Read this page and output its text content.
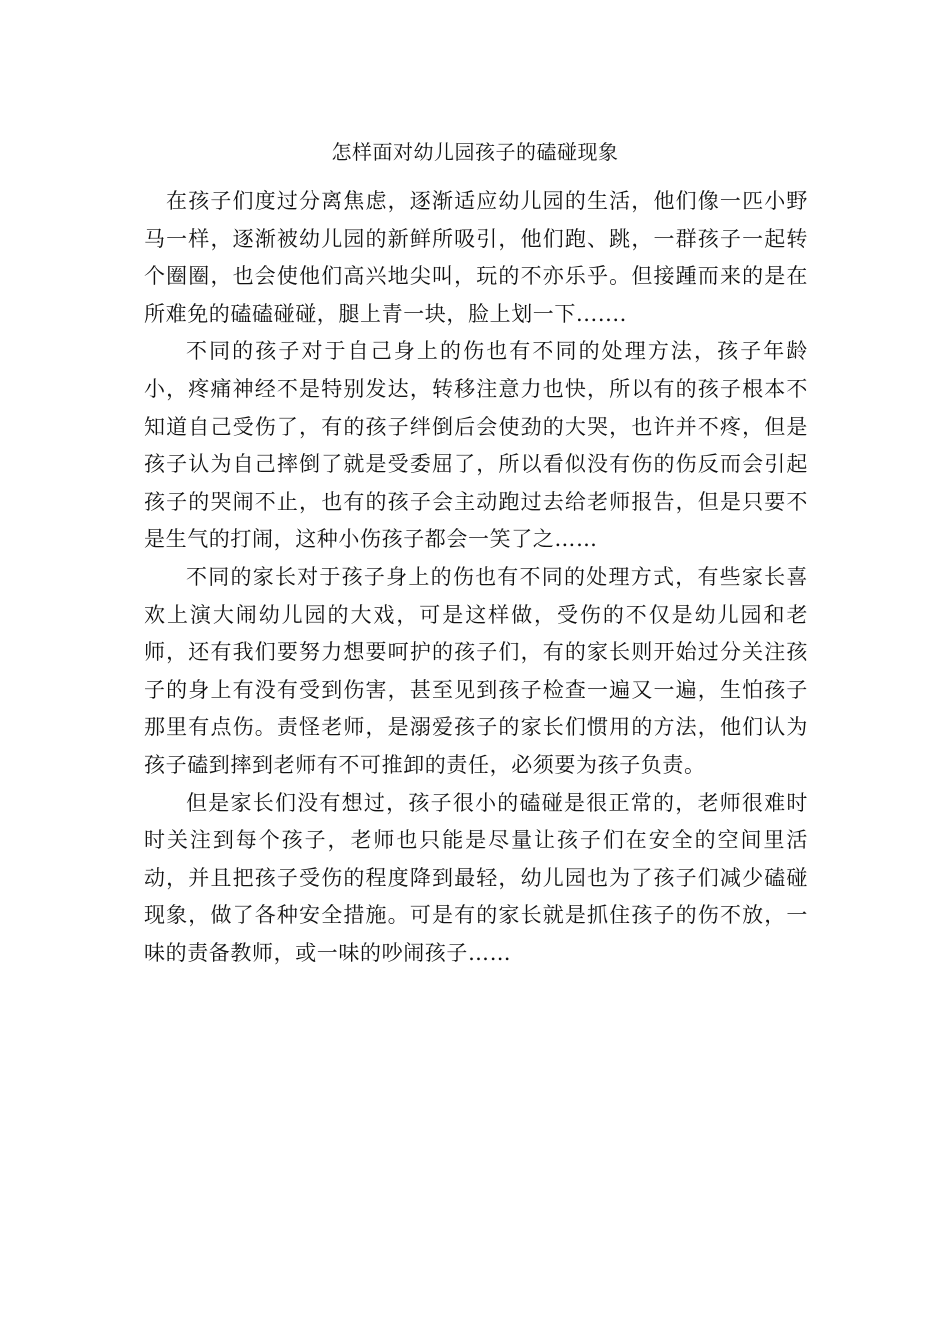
怎样面对幼儿园孩子的磕碰现象

在孩子们度过分离焦虑，逐渐适应幼儿园的生活，他们像一匹小野马一样，逐渐被幼儿园的新鲜所吸引，他们跑、跳，一群孩子一起转个圈圈，也会使他们高兴地尖叫，玩的不亦乐乎。但接踵而来的是在所难免的磕磕碰碰，腿上青一块，脸上划一下.......

不同的孩子对于自己身上的伤也有不同的处理方法，孩子年龄小，疼痛神经不是特别发达，转移注意力也快，所以有的孩子根本不知道自己受伤了，有的孩子绊倒后会使劲的大哭，也许并不疼，但是孩子认为自己摔倒了就是受委屈了，所以看似没有伤的伤反而会引起孩子的哭闹不止，也有的孩子会主动跑过去给老师报告，但是只要不是生气的打闹，这种小伤孩子都会一笑了之……

不同的家长对于孩子身上的伤也有不同的处理方式，有些家长喜欢上演大闹幼儿园的大戏，可是这样做，受伤的不仅是幼儿园和老师，还有我们要努力想要呵护的孩子们，有的家长则开始过分关注孩子的身上有没有受到伤害，甚至见到孩子检查一遍又一遍，生怕孩子那里有点伤。责怪老师，是溺爱孩子的家长们惯用的方法，他们认为孩子磕到摔到老师有不可推卸的责任，必须要为孩子负责。

但是家长们没有想过，孩子很小的磕碰是很正常的，老师很难时时关注到每个孩子，老师也只能是尽量让孩子们在安全的空间里活动，并且把孩子受伤的程度降到最轻，幼儿园也为了孩子们减少磕碰现象，做了各种安全措施。可是有的家长就是抓住孩子的伤不放，一味的责备教师，或一味的吵闹孩子……
